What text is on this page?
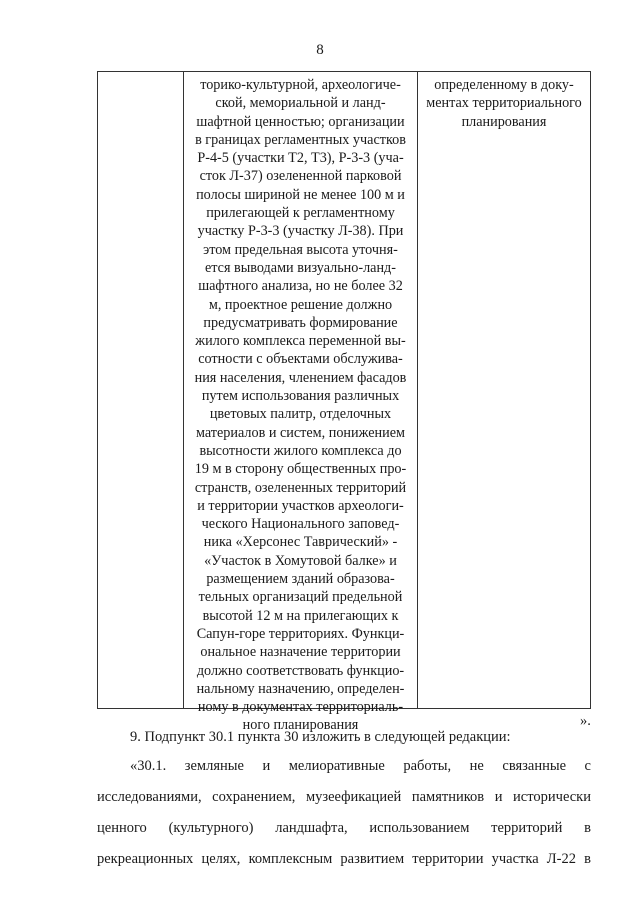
8
торико-культурной, археологиче-
ской, мемориальной и ланд-
шафтной ценностью; организации
в границах регламентных участков
Р-4-5 (участки Т2, Т3), Р-3-3 (уча-
сток Л-37) озелененной парковой
полосы шириной не менее 100 м и
прилегающей к регламентному
участку Р-3-3 (участку Л-38). При
этом предельная высота уточня-
ется выводами визуально-ланд-
шафтного анализа, но не более 32
м, проектное решение должно
предусматривать формирование
жилого комплекса переменной вы-
сотности с объектами обслужива-
ния населения, членением фасадов
путем использования различных
цветовых палитр, отделочных
материалов и систем, понижением
высотности жилого комплекса до
19 м в сторону общественных про-
странств, озелененных территорий
и территории участков археологи-
ческого Национального заповед-
ника «Херсонес Таврический» -
«Участок в Хомутовой балке» и
размещением зданий образова-
тельных организаций предельной
высотой 12 м на прилегающих к
Сапун-горе территориях. Функци-
ональное назначение территории
должно соответствовать функцио-
нальному назначению, определен-
ному в документах территориаль-
ного планирования
определенному в доку-
ментах территориального
планирования
».
9. Подпункт 30.1 пункта 30 изложить в следующей редакции:
«30.1. земляные и мелиоративные работы, не связанные с
исследованиями, сохранением, музеефикацией памятников и исторически
ценного (культурного) ландшафта, использованием территорий в
рекреационных целях, комплексным развитием территории участка Л-22 в
